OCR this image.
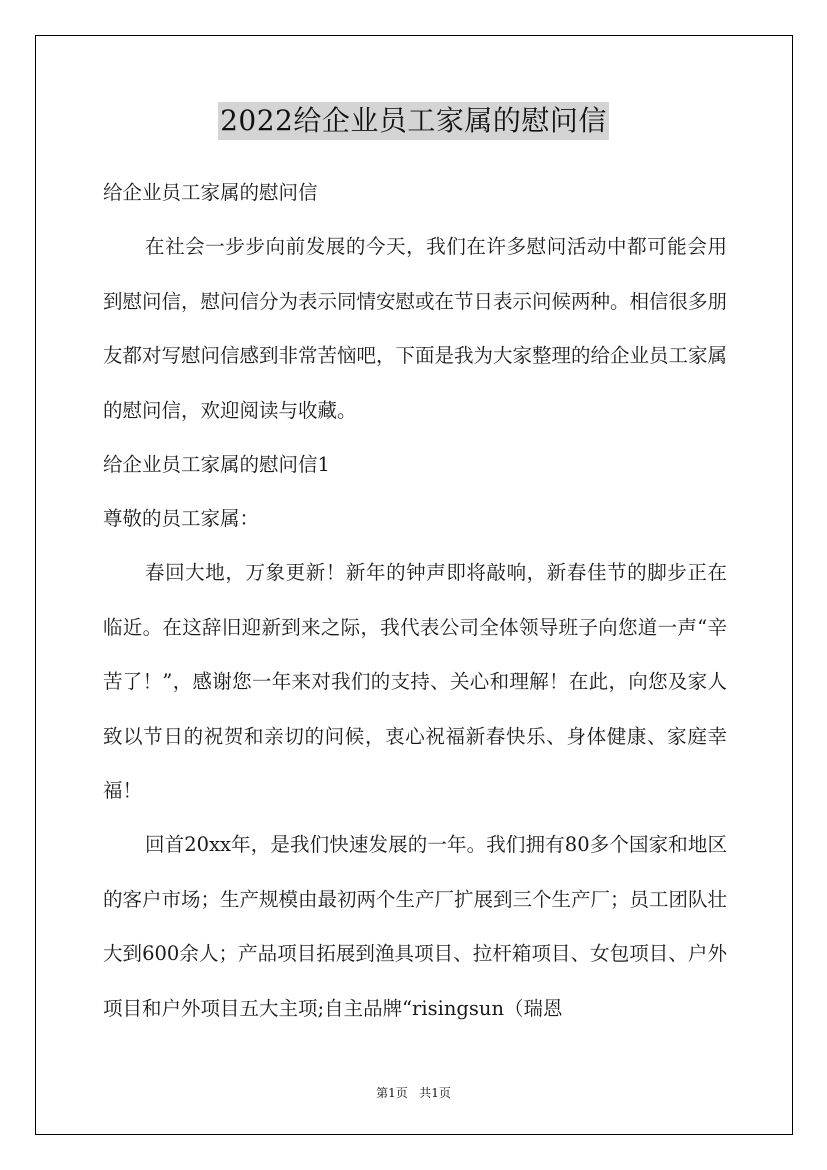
2022给企业员工家属的慰问信

给企业员工家属的慰问信

在社会一步步向前发展的今天，我们在许多慰问活动中都可能会用到慰问信，慰问信分为表示同情安慰或在节日表示问候两种。相信很多朋友都对写慰问信感到非常苦恼吧，下面是我为大家整理的给企业员工家属的慰问信，欢迎阅读与收藏。

给企业员工家属的慰问信1

尊敬的员工家属：

春回大地，万象更新！新年的钟声即将敲响，新春佳节的脚步正在临近。在这辞旧迎新到来之际，我代表公司全体领导班子向您道一声“辛苦了！”，感谢您一年来对我们的支持、关心和理解！在此，向您及家人致以节日的祝贺和亲切的问候，衷心祝福新春快乐、身体健康、家庭幸福！

回首20xx年，是我们快速发展的一年。我们拥有80多个国家和地区的客户市场；生产规模由最初两个生产厂扩展到三个生产厂；员工团队壮大到600余人；产品项目拓展到渔具项目、拉杆箱项目、女包项目、户外项目和户外项目五大主项;自主品牌“risingsun（瑞恩

第1页 共1页
